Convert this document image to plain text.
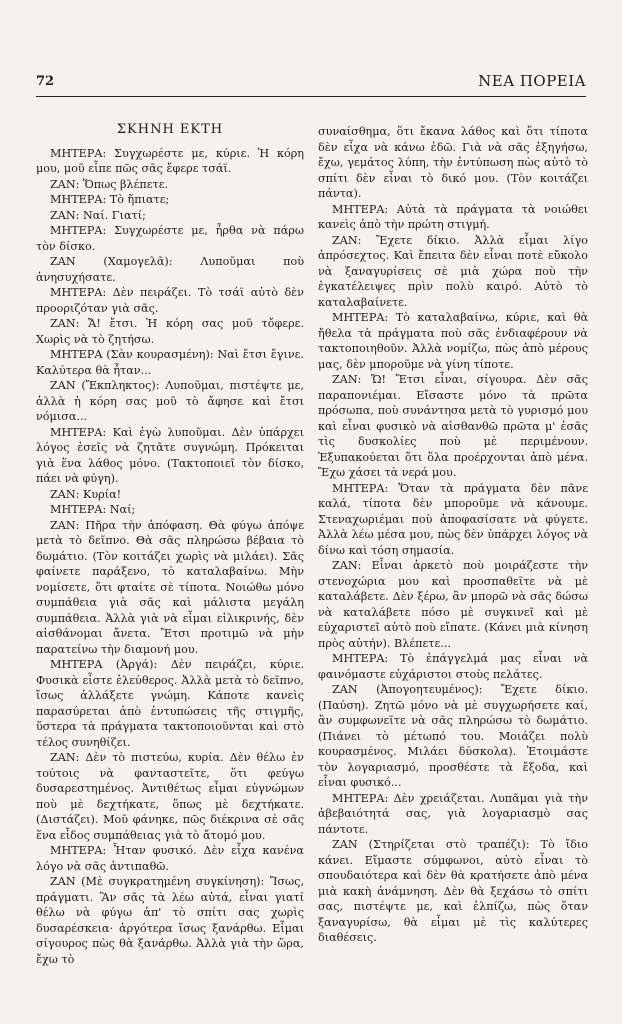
72	ΝΕΑ ΠΟΡΕΙΑ
ΣΚΗΝΗ ΕΚΤΗ

ΜΗΤΕΡΑ: Συγχωρέστε με, κύριε. Ἡ κόρη μου, μοῦ εἶπε πῶς σᾶς ἔφερε τσάϊ.

ΖΑΝ: Ὅπως βλέπετε.

ΜΗΤΕΡΑ: Τὸ ἤπιατε;

ΖΑΝ: Ναί. Γιατί;

ΜΗΤΕΡΑ: Συγχωρέστε με, ἦρθα νὰ πάρω τὸν δίσκο.

ΖΑΝ (Χαμογελᾶ): Λυποῦμαι ποὺ ἀνησυχήσατε.

ΜΗΤΕΡΑ: Δὲν πειράζει. Τὸ τσάϊ αὐτὸ δὲν προοριζόταν γιὰ σᾶς.

ΖΑΝ: Ἄ! ἔτσι. Ἡ κόρη σας μοῦ τὄφερε. Χωρὶς νὰ τὸ ζητήσω.

ΜΗΤΕΡΑ (Σὰν κουρασμένη): Ναὶ ἔτσι ἔγινε. Καλύτερα θὰ ἦταν...

ΖΑΝ (Ἔκπληκτος): Λυποῦμαι, πιστέψτε με, ἀλλὰ ἡ κόρη σας μοῦ τὸ ἄφησε καὶ ἔτσι νόμισα...

ΜΗΤΕΡΑ: Καὶ ἐγὼ λυποῦμαι. Δὲν ὑπάρχει λόγος ἐσεῖς νὰ ζητᾶτε συγνώμη. Πρόκειται γιὰ ἕνα λάθος μόνο. (Τακτοποιεῖ τὸν δίσκο, πάει νὰ φύγη).

ΖΑΝ: Κυρία!

ΜΗΤΕΡΑ: Ναί;

ΖΑΝ: Πῆρα τὴν ἀπόφαση. Θὰ φύγω ἀπόψε μετὰ τὸ δεῖπνο. Θὰ σᾶς πληρώσω βέβαια τὸ δωμάτιο. (Τὸν κοιτάζει χωρὶς νὰ μιλάει). Σᾶς φαίνετε παράξενο, τὸ καταλαβαίνω. Μὴν νομίσετε, ὅτι φταίτε σὲ τίποτα. Νοιώθω μόνο συμπάθεια γιὰ σᾶς καὶ μάλιστα μεγάλη συμπάθεια. Ἀλλὰ γιὰ νὰ εἶμαι εἰλικρινής, δὲν αἰσθάνομαι ἄνετα. Ἔτσι προτιμῶ νὰ μὴν παρατείνω τὴν διαμονή μου.

ΜΗΤΕΡΑ (Ἀργά): Δὲν πειράζει, κύριε. Φυσικὰ εἶστε ἐλεύθερος. Ἀλλὰ μετὰ τὸ δεῖπνο, ἴσως ἀλλάξετε γνώμη. Κάποτε κανεὶς παρασύρεται ἀπὸ ἐντυπώσεις τῆς στιγμῆς, ὕστερα τὰ πράγματα τακτοποιοῦνται καὶ στὸ τέλος συνηθίζει.

ΖΑΝ: Δὲν τὸ πιστεύω, κυρία. Δὲν θέλω ἐν τούτοις νὰ φανταστεῖτε, ὅτι φεύγω δυσαρεστημένος. Ἀντιθέτως εἶμαι εὐγνώμων ποὺ μὲ δεχτήκατε, ὅπως μὲ δεχτήκατε. (Διστάζει). Μοῦ φάνηκε, πῶς διέκρινα σὲ σᾶς ἕνα εἶδος συμπάθειας γιὰ τὸ ἄτομό μου.

ΜΗΤΕΡΑ: Ἦταν φυσικό. Δὲν εἶχα κανένα λόγο νὰ σᾶς ἀντιπαθῶ.

ΖΑΝ (Μὲ συγκρατημένη συγκίνηση): Ἴσως, πράγματι. Ἂν σᾶς τὰ λέω αὐτά, εἶναι γιατί θέλω νὰ φύγω ἀπ' τὸ σπίτι σας χωρὶς δυσαρέσκεια· ἀργότερα ἴσως ξανάρθω. Εἶμαι σίγουρος πὼς θὰ ξανάρθω. Ἀλλὰ γιὰ τὴν ὥρα, ἔχω τὸ

συναίσθημα, ὅτι ἔκανα λάθος καὶ ὅτι τίποτα δὲν εἶχα νὰ κάνω ἐδῶ. Γιὰ νὰ σᾶς ἐξηγήσω, ἔχω, γεμάτος λύπη, τὴν ἐντύπωση πὼς αὐτὸ τὸ σπίτι δὲν εἶναι τὸ δικό μου. (Τὸν κοιτάζει πάντα).

ΜΗΤΕΡΑ: Αὐτὰ τὰ πράγματα τὰ νοιώθει κανεὶς ἀπὸ τὴν πρώτη στιγμή.

ΖΑΝ: Ἔχετε δίκιο. Ἀλλὰ εἶμαι λίγο ἀπρόσεχτος. Καὶ ἔπειτα δὲν εἶναι ποτὲ εὔκολο νὰ ξαναγυρίσεις σὲ μιὰ χώρα ποὺ τὴν ἐγκατέλειψες πρὶν πολὺ καιρό. Αὐτὸ τὸ καταλαβαίνετε.

ΜΗΤΕΡΑ: Τὸ καταλαβαίνω, κύριε, καὶ θὰ ἤθελα τὰ πράγματα ποὺ σᾶς ἐνδιαφέρουν νὰ τακτοποιηθοῦν. Ἀλλὰ νομίζω, πὼς ἀπὸ μέρους μας, δὲν μποροῦμε νὰ γίνη τίποτε.

ΖΑΝ: Ὤ! Ἔτσι εἶναι, σίγουρα. Δὲν σᾶς παραπονιέμαι. Εἴσαστε μόνο τὰ πρῶτα πρόσωπα, ποὺ συνάντησα μετὰ τὸ γυρισμό μου καὶ εἶναι φυσικὸ νὰ αἰσθανθῶ πρῶτα μ' ἐσᾶς τὶς δυσκολίες ποὺ μὲ περιμένουν. Ἐξυπακούεται ὅτι ὅλα προέρχονται ἀπὸ μένα. Ἔχω χάσει τὰ νερά μου.

ΜΗΤΕΡΑ: Ὅταν τὰ πράγματα δὲν πᾶνε καλά, τίποτα δὲν μποροῦμε νὰ κάνουμε. Στεναχωριέμαι ποὺ ἀποφασίσατε νὰ φύγετε. Ἀλλὰ λέω μέσα μου, πὼς δὲν ὑπάρχει λόγος νὰ δίνω καὶ τόση σημασία.

ΖΑΝ: Εἶναι ἀρκετὸ ποὺ μοιράζεστε τὴν στενοχώρια μου καὶ προσπαθεῖτε νὰ μὲ καταλάβετε. Δὲν ξέρω, ἂν μπορῶ νὰ σᾶς δώσω νὰ καταλάβετε πόσο μὲ συγκινεῖ καὶ μὲ εὐχαριστεῖ αὐτὸ ποὺ εἴπατε. (Κάνει μιὰ κίνηση πρὸς αὐτήν). Βλέπετε...

ΜΗΤΕΡΑ: Τὸ ἐπάγγελμά μας εἶναι νὰ φαινόμαστε εὐχάριστοι στοὺς πελάτες.

ΖΑΝ (Ἀπογοητευμένος): Ἔχετε δίκιο. (Παύση). Ζητῶ μόνο νὰ μὲ συγχωρήσετε καί, ἂν συμφωνεῖτε νὰ σᾶς πληρώσω τὸ δωμάτιο. (Πιάνει τὸ μέτωπό του. Μοιάζει πολὺ κουρασμένος. Μιλάει δύσκολα). Ἑτοιμάστε τὸν λογαριασμό, προσθέστε τὰ ἔξοδα, καὶ εἶναι φυσικό...

ΜΗΤΕΡΑ: Δὲν χρειάζεται. Λυπᾶμαι γιὰ τὴν ἀβεβαιότητά σας, γιὰ λογαριασμὸ σας πάντοτε.

ΖΑΝ (Στηρίζεται στὸ τραπέζι): Τὸ ἴδιο κάνει. Εἴμαστε σύμφωνοι, αὐτὸ εἶναι τὸ σπουδαιότερα καὶ δὲν θὰ κρατήσετε ἀπὸ μένα μιὰ κακὴ ἀνάμνηση. Δὲν θὰ ξεχάσω τὸ σπίτι σας, πιστέψτε με, καὶ ἐλπίζω, πὼς ὅταν ξαναγυρίσω, θὰ εἶμαι μὲ τὶς καλύτερες διαθέσεις.
